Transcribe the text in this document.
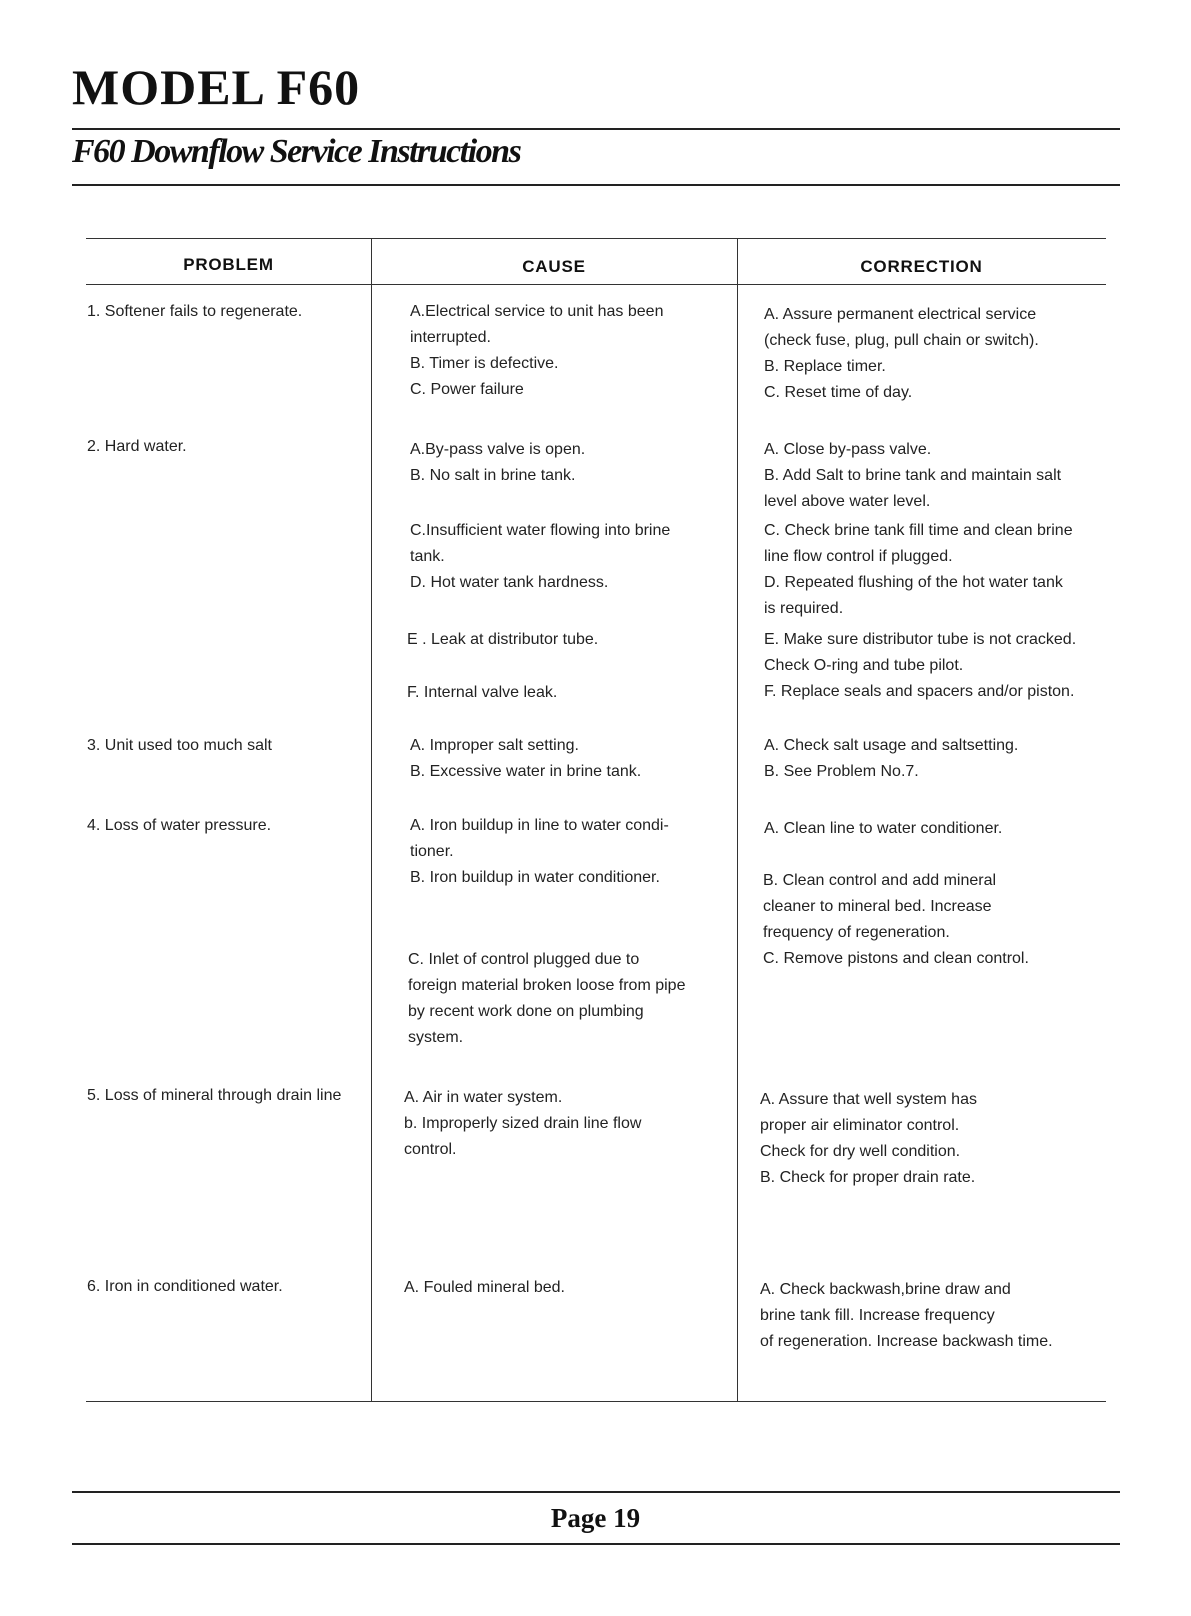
MODEL F60
F60 Downflow Service Instructions
PROBLEM	CAUSE	CORRECTION
1. Softener fails to regenerate.
2. Hard water.
3. Unit used too much salt
4. Loss of water pressure.
5. Loss of mineral through drain line
6. Iron in conditioned water.
A.Electrical service to unit has been
interrupted.
B. Timer is defective.
C. Power failure
A.By-pass valve is open.
B. No salt in brine tank.
C.Insufficient water flowing into brine
tank.
D. Hot water tank hardness.
E . Leak at distributor tube.
F. Internal valve leak.
A. Improper salt setting.
B. Excessive water in brine tank.
A. Iron buildup in line to water condi-
tioner.
B. Iron buildup in water conditioner.
C. Inlet of control plugged due to
foreign material broken loose from pipe
by recent work done on plumbing
system.
A. Air in water system.
b. Improperly sized drain line flow
control.
A. Fouled mineral bed.
A. Assure permanent electrical service
(check fuse, plug, pull chain or switch).
B. Replace timer.
C. Reset time of day.
A. Close by-pass valve.
B. Add Salt to brine tank and maintain salt
level above water level.
C. Check brine tank fill time and clean brine
line flow control if plugged.
D. Repeated flushing of the hot water tank
is required.
E. Make sure distributor tube is not cracked.
Check O-ring and tube pilot.
F. Replace seals and spacers and/or piston.
A. Check salt usage and saltsetting.
B. See Problem No.7.
A. Clean line to water conditioner.
B. Clean control and add mineral
cleaner to mineral bed. Increase
frequency of regeneration.
C. Remove pistons and clean control.
A. Assure that well system has
proper air eliminator control.
Check for dry well condition.
B. Check for proper drain rate.
A. Check backwash,brine draw and
brine tank fill. Increase frequency
of regeneration. Increase backwash time.
Page 19
